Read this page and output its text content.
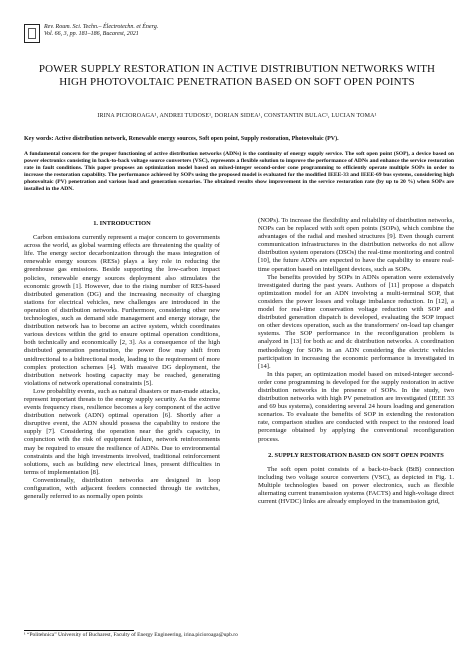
Rev. Roum. Sci. Techn.– Électrotechn. et Énerg.
Vol. 66, 3, pp. 181–186, Bucarest, 2021
POWER SUPPLY RESTORATION IN ACTIVE DISTRIBUTION NETWORKS WITH HIGH PHOTOVOLTAIC PENETRATION BASED ON SOFT OPEN POINTS
IRINA PICIOROAGA¹, ANDREI TUDOSE¹, DORIAN SIDEA¹, CONSTANTIN BULAC¹, LUCIAN TOMA¹
Key words: Active distribution network, Renewable energy sources, Soft open point, Supply restoration, Photovoltaic (PV).
A fundamental concern for the proper functioning of active distribution networks (ADNs) is the continuity of energy supply service. The soft open point (SOP), a device based on power electronics consisting in back-to-back voltage source converters (VSC), represents a flexible solution to improve the performance of ADNs and enhance the service restoration rate in fault conditions. This paper proposes an optimization model based on mixed-integer second-order cone programming to efficiently operate multiple SOPs in order to increase the restoration capability. The performance achieved by SOPs using the proposed model is evaluated for the modified IEEE-33 and IEEE-69 bus systems, considering high photovoltaic (PV) penetration and various load and generation scenarios. The obtained results show improvement in the service restoration rate (by up to 20 %) when SOPs are installed in the ADN.
1. INTRODUCTION

Carbon emissions currently represent a major concern to governments across the world, as global warming effects are threatening the quality of life. The energy sector decarbonization through the mass integration of renewable energy sources (RESs) plays a key role in reducing the greenhouse gas emissions. Beside supporting the low-carbon impact policies, renewable energy sources deployment also stimulates the economic growth [1]. However, due to the rising number of RES-based distributed generation (DG) and the increasing necessity of charging stations for electrical vehicles, new challenges are introduced in the operation of distribution networks. Furthermore, considering other new technologies, such as demand side management and energy storage, the distribution network has to become an active system, which coordinates various devices within the grid to ensure optimal operation conditions, both technically and economically [2, 3]. As a consequence of the high distributed generation penetration, the power flow may shift from unidirectional to a bidirectional mode, leading to the requirement of more complex protection schemes [4]. With massive DG deployment, the distribution network hosting capacity may be reached, generating violations of network operational constraints [5].

Low probability events, such as natural disasters or man-made attacks, represent important threats to the energy supply security. As the extreme events frequency rises, resilience becomes a key component of the active distribution network (ADN) optimal operation [6]. Shortly after a disruptive event, the ADN should possess the capability to restore the supply [7]. Considering the operation near the grid's capacity, in conjunction with the risk of equipment failure, network reinforcements may be required to ensure the resilience of ADNs. Due to environmental constraints and the high investments involved, traditional reinforcement solutions, such as building new electrical lines, present difficulties in terms of implementation [8].

Conventionally, distribution networks are designed in loop configuration, with adjacent feeders connected through tie switches, generally referred to as normally open points

(NOPs). To increase the flexibility and reliability of distribution networks, NOPs can be replaced with soft open points (SOPs), which combine the advantages of the radial and meshed structures [9]. Even though current communication infrastructures in the distribution networks do not allow distribution system operators (DSOs) the real-time monitoring and control [10], the future ADNs are expected to have the capability to ensure real-time operation based on intelligent devices, such as SOPs.

The benefits provided by SOPs in ADNs operation were extensively investigated during the past years. Authors of [11] propose a dispatch optimization model for an ADN involving a multi-terminal SOP, that considers the power losses and voltage imbalance reduction. In [12], a model for real-time conservation voltage reduction with SOP and distributed generation dispatch is developed, evaluating the SOP impact on other devices operation, such as the transformers' on-load tap changer systems. The SOP performance in the reconfiguration problem is analyzed in [13] for both ac and dc distribution networks. A coordination methodology for SOPs in an ADN considering the electric vehicles participation in increasing the economic performance is investigated in [14].

In this paper, an optimization model based on mixed-integer second-order cone programming is developed for the supply restoration in active distribution networks in the presence of SOPs. In the study, two distribution networks with high PV penetration are investigated (IEEE 33 and 69 bus systems), considering several 24 hours loading and generation scenarios. To evaluate the benefits of SOP in extending the restoration rate, comparison studies are conducted with respect to the restored load percentage obtained by applying the conventional reconfiguration process.

2. SUPPLY RESTORATION BASED ON SOFT OPEN POINTS

The soft open point consists of a back-to-back (BtB) connection including two voltage source converters (VSC), as depicted in Fig. 1. Multiple technologies based on power electronics, such as flexible alternating current transmission systems (FACTS) and high-voltage direct current (HVDC) links are already employed in the transmission grid,

¹ “Politehnica” University of Bucharest, Faculty of Energy Engineering, irina.picioroaga@upb.ro
